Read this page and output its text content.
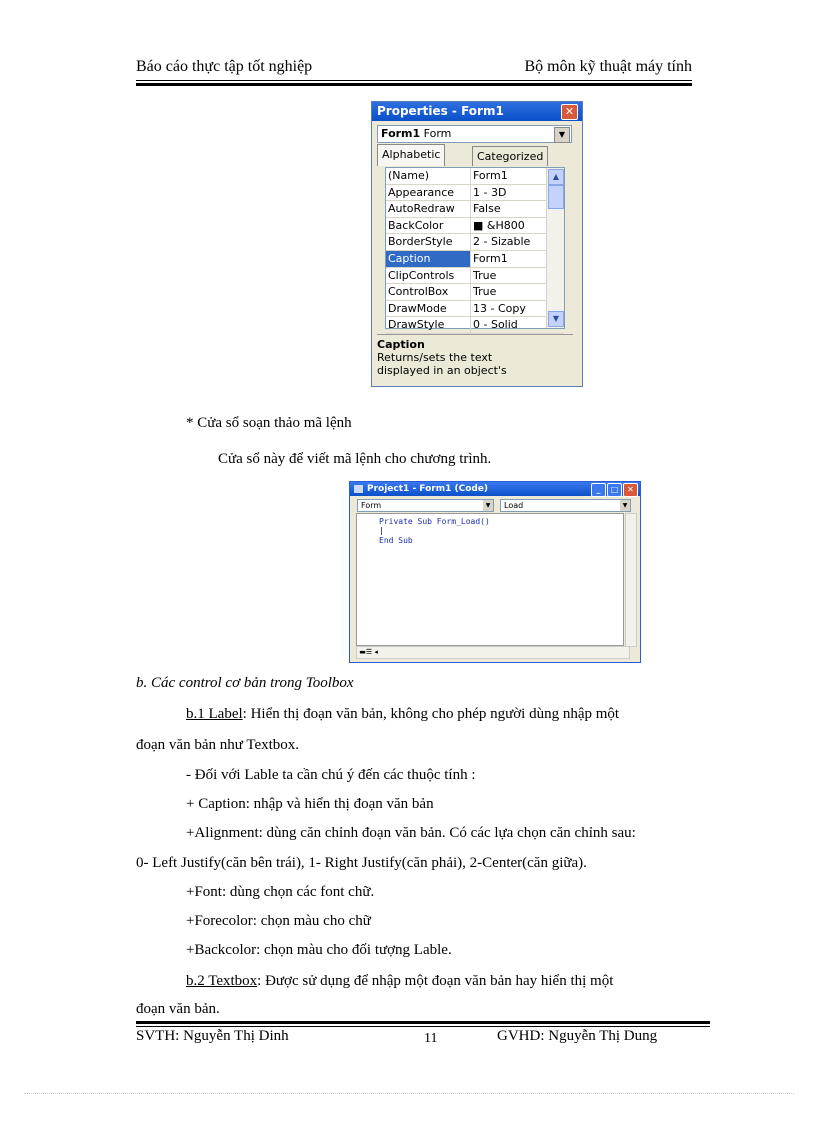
Báo cáo thực tập tốt nghiệp	Bộ môn kỹ thuật máy tính
Properties - Form1	✕
Form1 Form	▼
Alphabetic	Categorized
(Name)	Form1
Appearance	1 - 3D
AutoRedraw	False
BackColor	■ &H800
BorderStyle	2 - Sizable
Caption	Form1
ClipControls	True
ControlBox	True
DrawMode	13 - Copy
DrawStyle	0 - Solid
▲
▼
Caption
Returns/sets the text
displayed in an object's
* Cửa sổ soạn thảo mã lệnh
Cửa sổ này để viết mã lệnh cho chương trình.
Project1 - Form1 (Code)	_	□	✕
Form	▼	Load	▼
Private Sub Form_Load()
|
End Sub
▬☰ ◂
b. Các control cơ bản trong Toolbox
b.1 Label: Hiển thị đoạn văn bản, không cho phép người dùng nhập một
đoạn văn bản như Textbox.
- Đối với Lable ta cần chú ý đến các thuộc tính :
+ Caption: nhập và hiển thị đoạn văn bản
+Alignment: dùng căn chỉnh đoạn văn bản. Có các lựa chọn căn chỉnh sau:
0- Left Justify(căn bên trái), 1- Right Justify(căn phải), 2-Center(căn giữa).
+Font: dùng chọn các font chữ.
+Forecolor: chọn màu cho chữ
+Backcolor: chọn màu cho đối tượng Lable.
b.2 Textbox: Được sử dụng để nhập một đoạn văn bản hay hiển thị một
đoạn văn bản.
SVTH: Nguyễn Thị Dinh	11	GVHD: Nguyễn Thị Dung
